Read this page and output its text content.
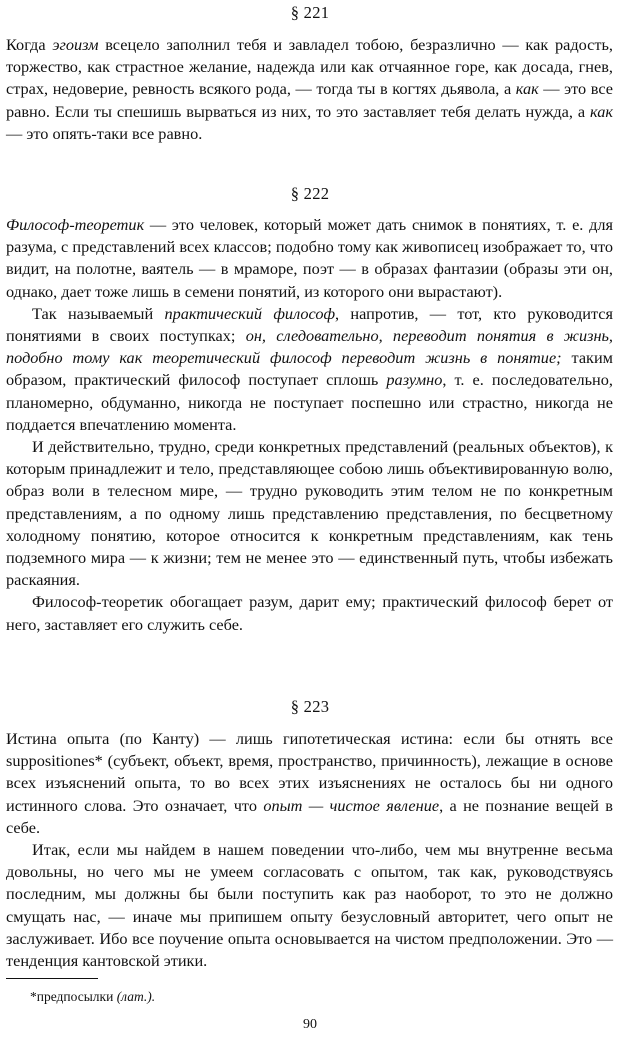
§ 221

Когда эгоизм всецело заполнил тебя и завладел тобою, безразлично — как радость, торжество, как страстное желание, надежда или как отчаянное горе, как досада, гнев, страх, недоверие, ревность всякого рода, — тогда ты в когтях дьявола, а как — это все равно. Если ты спешишь вырваться из них, то это заставляет тебя делать нужда, а как — это опять-таки все равно.

§ 222

Философ-теоретик — это человек, который может дать снимок в понятиях, т. е. для разума, с представлений всех классов; подобно тому как живописец изображает то, что видит, на полотне, ваятель — в мраморе, поэт — в образах фантазии (образы эти он, однако, дает тоже лишь в семени понятий, из которого они вырастают).

Так называемый практический философ, напротив, — тот, кто руководится понятиями в своих поступках; он, следовательно, переводит понятия в жизнь, подобно тому как теоретический философ переводит жизнь в понятие; таким образом, практический философ поступает сплошь разумно, т. е. последовательно, планомерно, обдуманно, никогда не поступает поспешно или страстно, никогда не поддается впечатлению момента.

И действительно, трудно, среди конкретных представлений (реальных объектов), к которым принадлежит и тело, представляющее собою лишь объективированную волю, образ воли в телесном мире, — трудно руководить этим телом не по конкретным представлениям, а по одному лишь представлению представления, по бесцветному холодному понятию, которое относится к конкретным представлениям, как тень подземного мира — к жизни; тем не менее это — единственный путь, чтобы избежать раскаяния.

Философ-теоретик обогащает разум, дарит ему; практический философ берет от него, заставляет его служить себе.

§ 223

Истина опыта (по Канту) — лишь гипотетическая истина: если бы отнять все suppositiones* (субъект, объект, время, пространство, причинность), лежащие в основе всех изъяснений опыта, то во всех этих изъяснениях не осталось бы ни одного истинного слова. Это означает, что опыт — чистое явление, а не познание вещей в себе.

Итак, если мы найдем в нашем поведении что-либо, чем мы внутренне весьма довольны, но чего мы не умеем согласовать с опытом, так как, руководствуясь последним, мы должны бы были поступить как раз наоборот, то это не должно смущать нас, — иначе мы припишем опыту безусловный авторитет, чего опыт не заслуживает. Ибо все поучение опыта основывается на чистом предположении. Это — тенденция кантовской этики.

*предпосылки (лат.).
90
